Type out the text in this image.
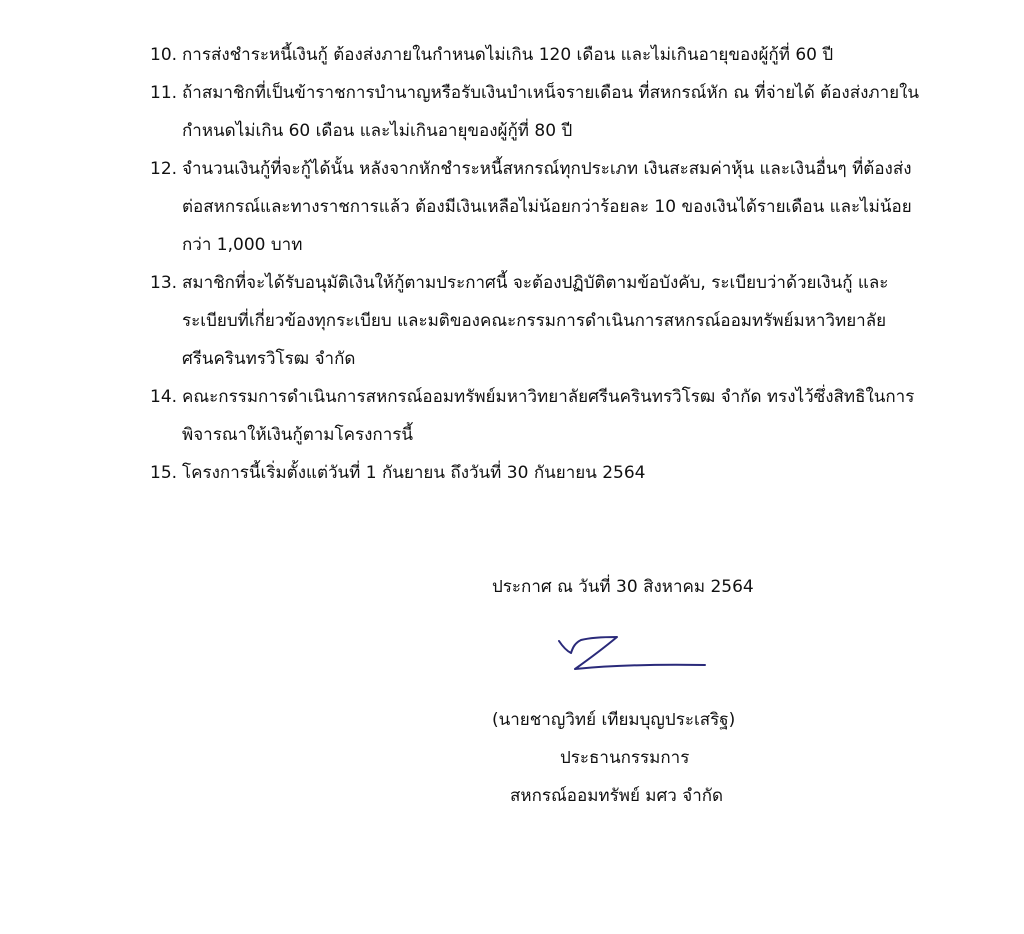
10. การส่งชำระหนี้เงินกู้ ต้องส่งภายในกำหนดไม่เกิน 120 เดือน และไม่เกินอายุของผู้กู้ที่ 60 ปี
11. ถ้าสมาชิกที่เป็นข้าราชการบำนาญหรือรับเงินบำเหน็จรายเดือน ที่สหกรณ์หัก ณ ที่จ่ายได้ ต้องส่งภายในกำหนดไม่เกิน 60 เดือน และไม่เกินอายุของผู้กู้ที่ 80 ปี
12. จำนวนเงินกู้ที่จะกู้ได้นั้น หลังจากหักชำระหนี้สหกรณ์ทุกประเภท เงินสะสมค่าหุ้น และเงินอื่นๆ ที่ต้องส่งต่อสหกรณ์และทางราชการแล้ว ต้องมีเงินเหลือไม่น้อยกว่าร้อยละ 10 ของเงินได้รายเดือน และไม่น้อยกว่า 1,000 บาท
13. สมาชิกที่จะได้รับอนุมัติเงินให้กู้ตามประกาศนี้ จะต้องปฏิบัติตามข้อบังคับ, ระเบียบว่าด้วยเงินกู้ และระเบียบที่เกี่ยวข้องทุกระเบียบ และมติของคณะกรรมการดำเนินการสหกรณ์ออมทรัพย์มหาวิทยาลัยศรีนครินทรวิโรฒ จำกัด
14. คณะกรรมการดำเนินการสหกรณ์ออมทรัพย์มหาวิทยาลัยศรีนครินทรวิโรฒ จำกัด ทรงไว้ซึ่งสิทธิในการพิจารณาให้เงินกู้ตามโครงการนี้
15. โครงการนี้เริ่มตั้งแต่วันที่ 1 กันยายน ถึงวันที่ 30 กันยายน 2564
ประกาศ ณ วันที่ 30 สิงหาคม 2564
(นายชาญวิทย์ เทียมบุญประเสริฐ)
ประธานกรรมการ
สหกรณ์ออมทรัพย์ มศว จำกัด
